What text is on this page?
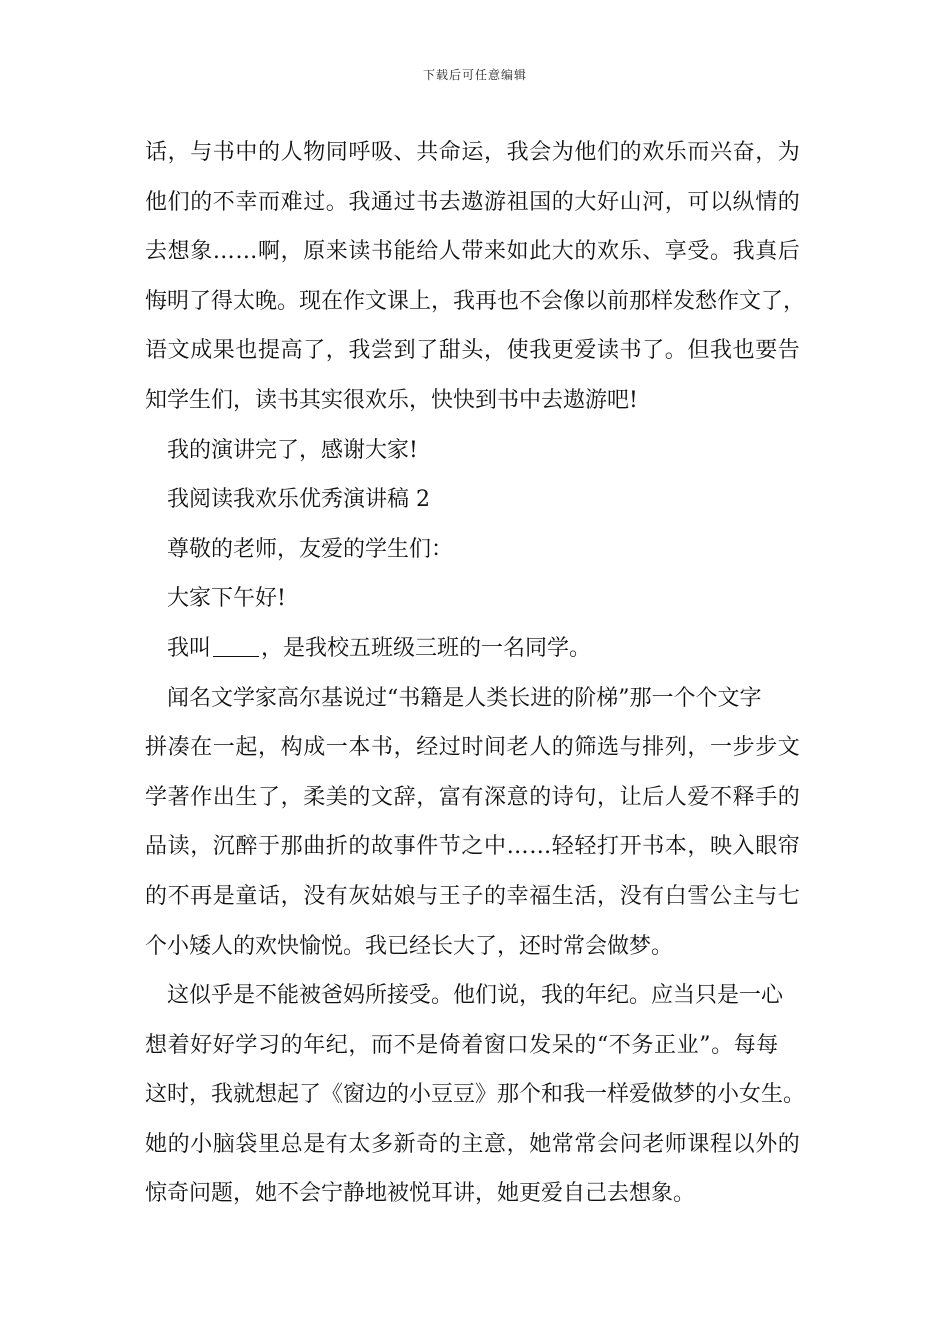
下载后可任意编辑
话，与书中的人物同呼吸、共命运，我会为他们的欢乐而兴奋，为
他们的不幸而难过。我通过书去遨游祖国的大好山河，可以纵情的
去想象……啊，原来读书能给人带来如此大的欢乐、享受。我真后
悔明了得太晚。现在作文课上，我再也不会像以前那样发愁作文了，
语文成果也提高了，我尝到了甜头，使我更爱读书了。但我也要告
知学生们，读书其实很欢乐，快快到书中去遨游吧!
我的演讲完了，感谢大家!
我阅读我欢乐优秀演讲稿 2
尊敬的老师，友爱的学生们：
大家下午好!
我叫 ，是我校五班级三班的一名同学。
闻名文学家高尔基说过“书籍是人类长进的阶梯”那一个个文字
拼凑在一起，构成一本书，经过时间老人的筛选与排列，一步步文
学著作出生了，柔美的文辞，富有深意的诗句，让后人爱不释手的
品读，沉醉于那曲折的故事件节之中……轻轻打开书本，映入眼帘
的不再是童话，没有灰姑娘与王子的幸福生活，没有白雪公主与七
个小矮人的欢快愉悦。我已经长大了，还时常会做梦。
这似乎是不能被爸妈所接受。他们说，我的年纪。应当只是一心
想着好好学习的年纪，而不是倚着窗口发呆的“不务正业”。每每
这时，我就想起了《窗边的小豆豆》那个和我一样爱做梦的小女生。
她的小脑袋里总是有太多新奇的主意，她常常会问老师课程以外的
惊奇问题，她不会宁静地被悦耳讲，她更爱自己去想象。
